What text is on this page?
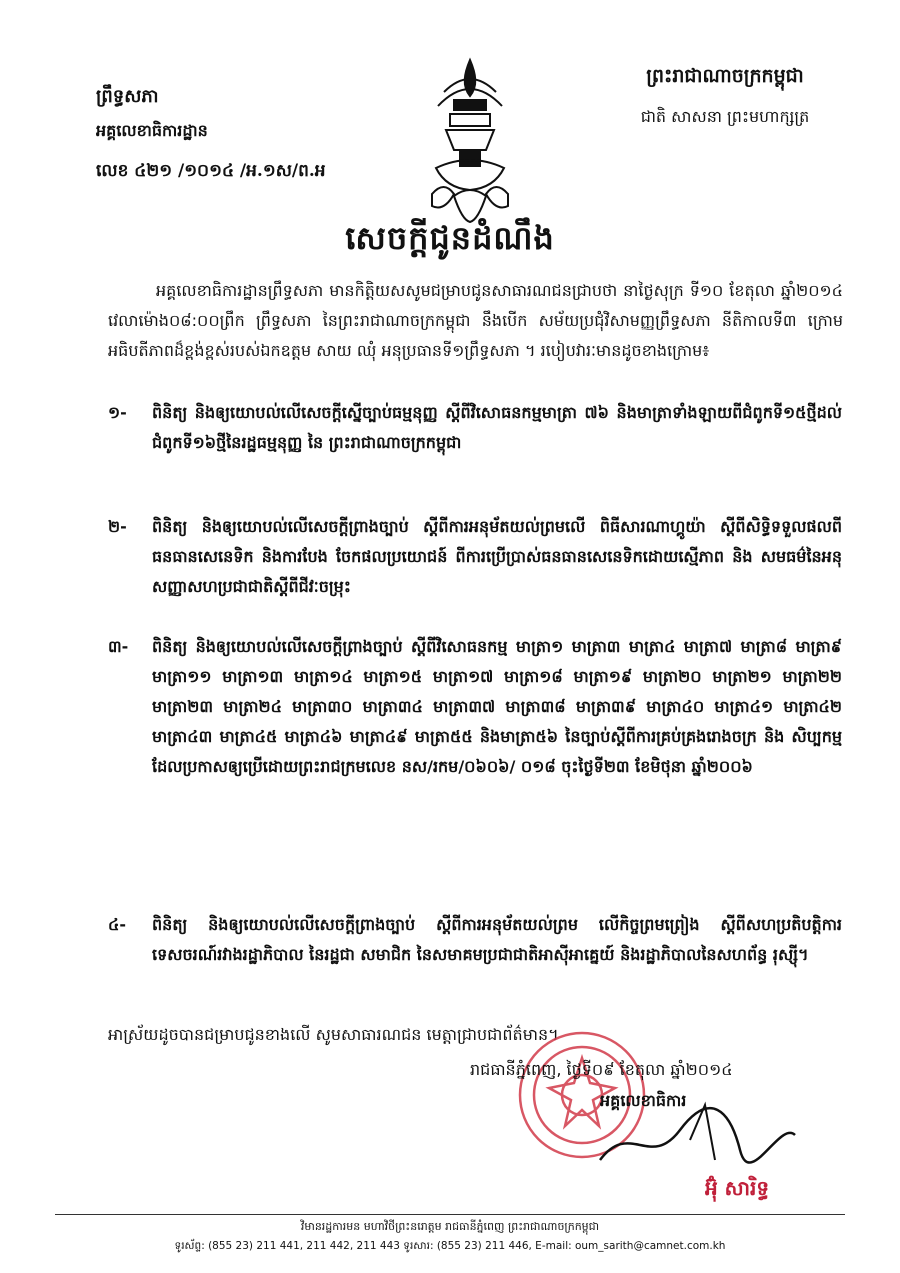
ព្រឹទ្ធសភា
អគ្គលេខាធិការដ្ឋាន
លេខ ៤២១ /១០១៤ /អ.១ស/ព.អ
ព្រះរាជាណាចក្រកម្ពុជា
ជាតិ សាសនា ព្រះមហាក្សត្រ
សេចក្តីជូនដំណឹង
អគ្គលេខាធិការដ្ឋានព្រឹទ្ធសភា មានកិត្តិយសសូមជម្រាបជូនសាធារណជនជ្រាបថា នាថ្ងៃសុក្រ ទី១០ ខែតុលា ឆ្នាំ២០១៤ វេលាម៉ោង០៨:០០ព្រឹក ព្រឹទ្ធសភា នៃព្រះរាជាណាចក្រកម្ពុជា នឹងបើក សម័យប្រជុំវិសាមញ្ញព្រឹទ្ធសភា នីតិកាលទី៣ ក្រោមអធិបតីភាពដ៏ខ្ពង់ខ្ពស់របស់ឯកឧត្តម សាយ ឈុំ អនុប្រធានទី១ព្រឹទ្ធសភា ។ របៀបវារៈមានដូចខាងក្រោម៖
១- ពិនិត្យ និងឲ្យយោបល់លើសេចក្តីស្នើច្បាប់ធម្មនុញ្ញ ស្តីពីវិសោធនកម្មមាត្រា ៧៦ និងមាត្រាទាំងឡាយពីជំពូកទី១៥ថ្មីដល់ជំពូកទី១៦ថ្មីនៃរដ្ឋធម្មនុញ្ញ នៃ ព្រះរាជាណាចក្រកម្ពុជា
២- ពិនិត្យ និងឲ្យយោបល់លើសេចក្តីព្រាងច្បាប់ ស្តីពីការអនុម័តយល់ព្រមលើ ពិធីសារណាហ្គូយ៉ា ស្តីពីសិទ្ធិទទួលផលពីធនធានសេនេទិក និងការបែង ចែកផលប្រយោជន៍ ពីការប្រើប្រាស់ធនធានសេនេទិកដោយស្មើភាព និង សមធម៌នៃអនុសញ្ញាសហប្រជាជាតិស្តីពីជីវៈចម្រុះ
៣- ពិនិត្យ និងឲ្យយោបល់លើសេចក្តីព្រាងច្បាប់ ស្តីពីវិសោធនកម្ម មាត្រា១ មាត្រា៣ មាត្រា៤ មាត្រា៧ មាត្រា៨ មាត្រា៩ មាត្រា១១ មាត្រា១៣ មាត្រា១៤ មាត្រា១៥ មាត្រា១៧ មាត្រា១៨ មាត្រា១៩ មាត្រា២០ មាត្រា២១ មាត្រា២២ មាត្រា២៣ មាត្រា២៤ មាត្រា៣០ មាត្រា៣៤ មាត្រា៣៧ មាត្រា៣៨ មាត្រា៣៩ មាត្រា៤០ មាត្រា៤១ មាត្រា៤២ មាត្រា៤៣ មាត្រា៤៥ មាត្រា៤៦ មាត្រា៤៩ មាត្រា៥៥ និងមាត្រា៥៦ នៃច្បាប់ស្តីពីការគ្រប់គ្រងរោងចក្រ និង សិប្បកម្ម ដែលប្រកាសឲ្យប្រើដោយព្រះរាជក្រមលេខ នស/រកម/០៦០៦/ ០១៨ ចុះថ្ងៃទី២៣ ខែមិថុនា ឆ្នាំ២០០៦
៤- ពិនិត្យ និងឲ្យយោបល់លើសេចក្តីព្រាងច្បាប់ ស្តីពីការអនុម័តយល់ព្រម លើកិច្ចព្រមព្រៀង ស្តីពីសហប្រតិបត្តិការ ទេសចរណ៍រវាងរដ្ឋាភិបាល នៃរដ្ឋជា សមាជិក នៃសមាគមប្រជាជាតិអាស៊ីអាគ្នេយ៍ និងរដ្ឋាភិបាលនៃសហព័ន្ធ រុស្ស៊ី។
អាស្រ័យដូចបានជម្រាបជូនខាងលើ សូមសាធារណជន មេត្តាជ្រាបជាព័ត៌មាន។
រាជធានីភ្នំពេញ, ថ្ងៃទី០៩ ខែតុលា ឆ្នាំ២០១៤
អគ្គលេខាធិការ
អ៊ុំ សារិទ្ធ
វិមានរដ្ឋការមន មហាវិថីព្រះនរោត្តម រាជធានីភ្នំពេញ ព្រះរាជាណាចក្រកម្ពុជា
ទូរស័ព្ទ: (855 23) 211 441, 211 442, 211 443 ទូរសារ: (855 23) 211 446, E-mail: oum_sarith@camnet.com.kh
